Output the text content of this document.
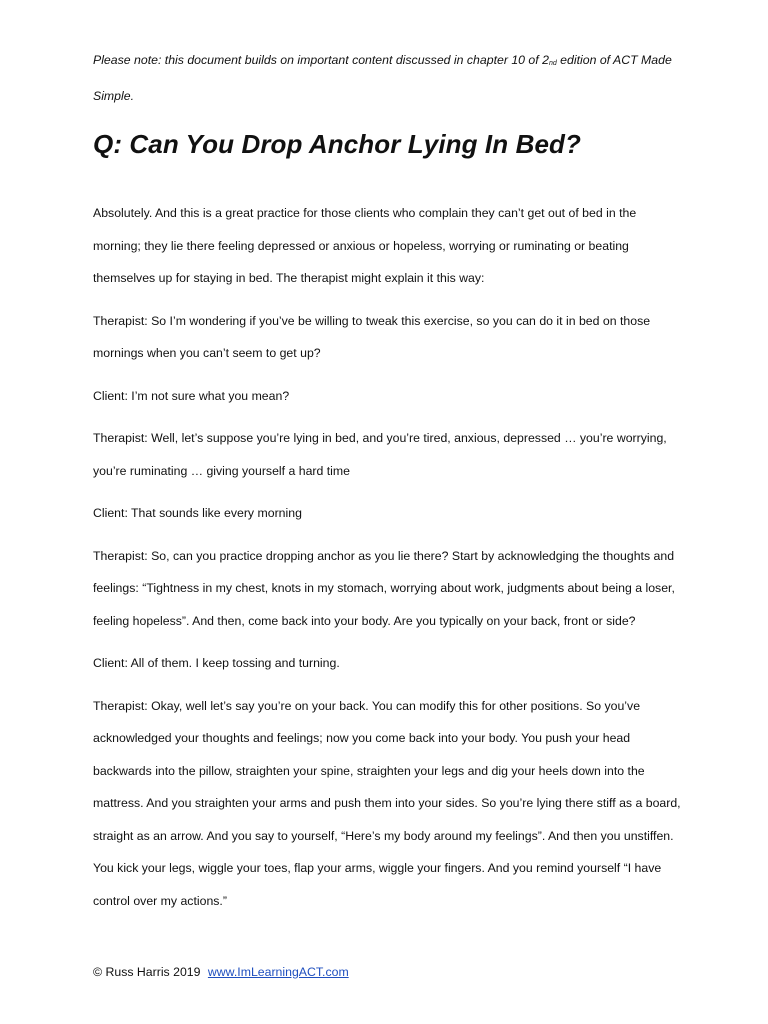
Please note: this document builds on important content discussed in chapter 10 of $2_{nd}$ edition of ACT Made Simple.

Q: Can You Drop Anchor Lying In Bed?

Absolutely. And this is a great practice for those clients who complain they can’t get out of bed in the morning; they lie there feeling depressed or anxious or hopeless, worrying or ruminating or beating themselves up for staying in bed. The therapist might explain it this way:

Therapist: So I’m wondering if you’ve be willing to tweak this exercise, so you can do it in bed on those mornings when you can’t seem to get up?

Client: I’m not sure what you mean?

Therapist: Well, let’s suppose you’re lying in bed, and you’re tired, anxious, depressed … you’re worrying, you’re ruminating … giving yourself a hard time

Client: That sounds like every morning

Therapist: So, can you practice dropping anchor as you lie there? Start by acknowledging the thoughts and feelings: “Tightness in my chest, knots in my stomach, worrying about work, judgments about being a loser, feeling hopeless”. And then, come back into your body. Are you typically on your back, front or side?

Client: All of them. I keep tossing and turning.

Therapist: Okay, well let’s say you’re on your back. You can modify this for other positions. So you’ve acknowledged your thoughts and feelings; now you come back into your body. You push your head backwards into the pillow, straighten your spine, straighten your legs and dig your heels down into the mattress. And you straighten your arms and push them into your sides. So you’re lying there stiff as a board, straight as an arrow. And you say to yourself, “Here’s my body around my feelings”. And then you unstiffen. You kick your legs, wiggle your toes, flap your arms, wiggle your fingers. And you remind yourself “I have control over my actions.”

© Russ Harris 2019 www.ImLearningACT.com
